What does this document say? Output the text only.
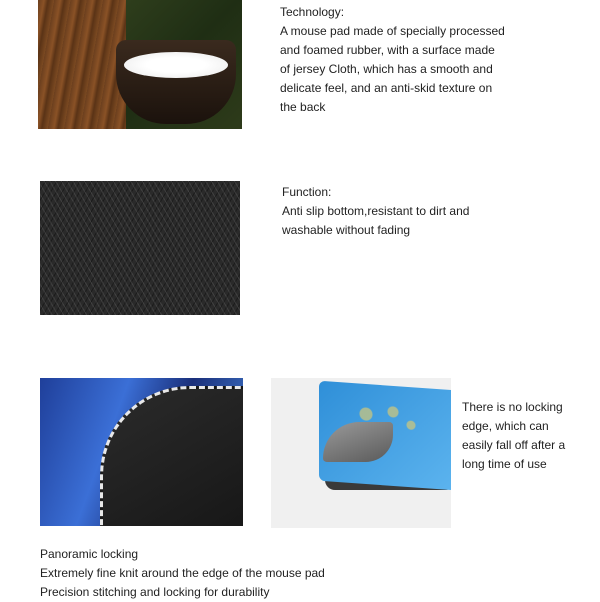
Technology:
A mouse pad made of specially processed
and foamed rubber, with a surface made
of jersey Cloth, which has a smooth and
delicate feel, and an anti-skid texture on
the back
Function:
Anti slip bottom,resistant to dirt and
washable without fading
There is no locking
edge, which can
easily fall off after a
long time of use
Panoramic locking
Extremely fine knit around the edge of the mouse pad
Precision stitching and locking for durability
